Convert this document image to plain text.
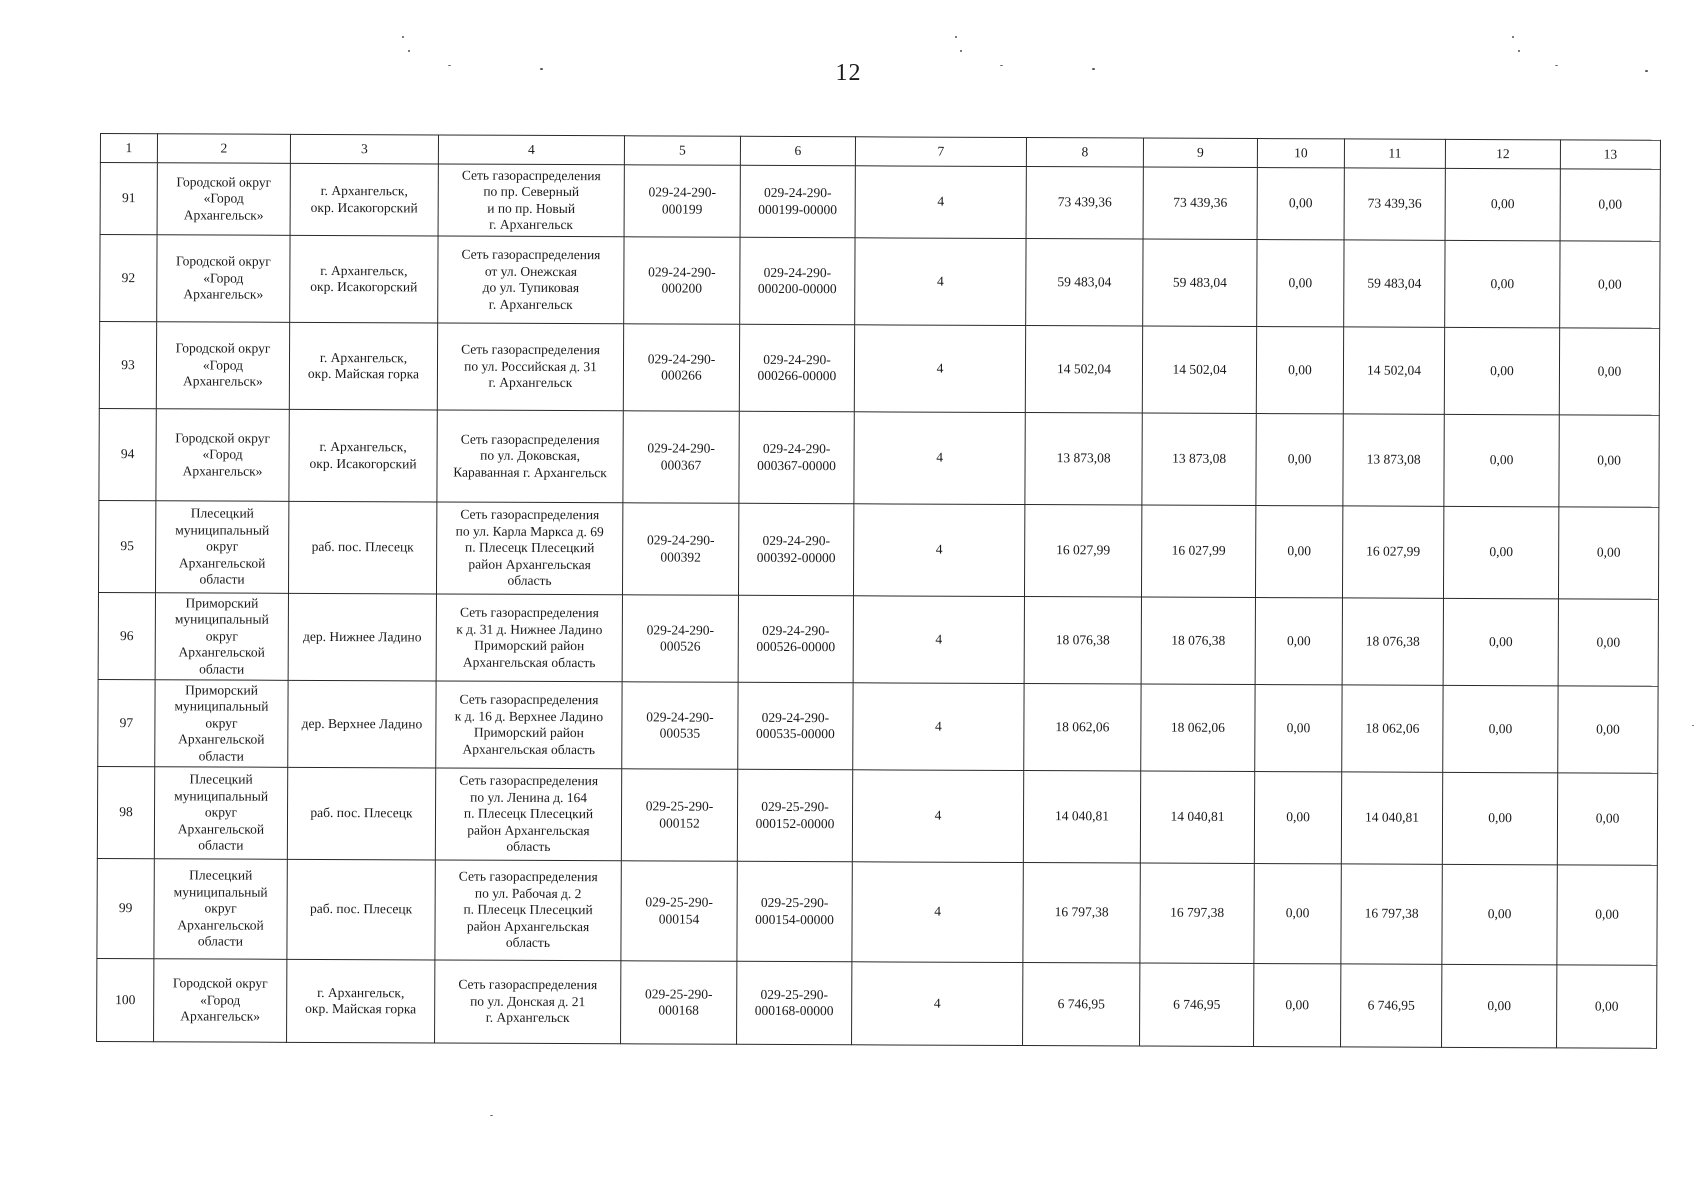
12
1	2	3	4	5	6	7	8	9	10	11	12	13
91	Городской округ
«Город
Архангельск»	г. Архангельск,
окр. Исакогорский	Сеть газораспределения
по пр. Северный
и по пр. Новый
г. Архангельск	029-24-290-
000199	029-24-290-
000199-00000	4	73 439,36	73 439,36	0,00	73 439,36	0,00	0,00
92	Городской округ
«Город
Архангельск»	г. Архангельск,
окр. Исакогорский	Сеть газораспределения
от ул. Онежская
до ул. Тупиковая
г. Архангельск	029-24-290-
000200	029-24-290-
000200-00000	4	59 483,04	59 483,04	0,00	59 483,04	0,00	0,00
93	Городской округ
«Город
Архангельск»	г. Архангельск,
окр. Майская горка	Сеть газораспределения
по ул. Российская д. 31
г. Архангельск	029-24-290-
000266	029-24-290-
000266-00000	4	14 502,04	14 502,04	0,00	14 502,04	0,00	0,00
94	Городской округ
«Город
Архангельск»	г. Архангельск,
окр. Исакогорский	Сеть газораспределения
по ул. Доковская,
Караванная г. Архангельск	029-24-290-
000367	029-24-290-
000367-00000	4	13 873,08	13 873,08	0,00	13 873,08	0,00	0,00
95	Плесецкий
муниципальный
округ
Архангельской
области	раб. пос. Плесецк	Сеть газораспределения
по ул. Карла Маркса д. 69
п. Плесецк Плесецкий
район Архангельская
область	029-24-290-
000392	029-24-290-
000392-00000	4	16 027,99	16 027,99	0,00	16 027,99	0,00	0,00
96	Приморский
муниципальный
округ
Архангельской
области	дер. Нижнее Ладино	Сеть газораспределения
к д. 31 д. Нижнее Ладино
Приморский район
Архангельская область	029-24-290-
000526	029-24-290-
000526-00000	4	18 076,38	18 076,38	0,00	18 076,38	0,00	0,00
97	Приморский
муниципальный
округ
Архангельской
области	дер. Верхнее Ладино	Сеть газораспределения
к д. 16 д. Верхнее Ладино
Приморский район
Архангельская область	029-24-290-
000535	029-24-290-
000535-00000	4	18 062,06	18 062,06	0,00	18 062,06	0,00	0,00
98	Плесецкий
муниципальный
округ
Архангельской
области	раб. пос. Плесецк	Сеть газораспределения
по ул. Ленина д. 164
п. Плесецк Плесецкий
район Архангельская
область	029-25-290-
000152	029-25-290-
000152-00000	4	14 040,81	14 040,81	0,00	14 040,81	0,00	0,00
99	Плесецкий
муниципальный
округ
Архангельской
области	раб. пос. Плесецк	Сеть газораспределения
по ул. Рабочая д. 2
п. Плесецк Плесецкий
район Архангельская
область	029-25-290-
000154	029-25-290-
000154-00000	4	16 797,38	16 797,38	0,00	16 797,38	0,00	0,00
100	Городской округ
«Город
Архангельск»	г. Архангельск,
окр. Майская горка	Сеть газораспределения
по ул. Донская д. 21
г. Архангельск	029-25-290-
000168	029-25-290-
000168-00000	4	6 746,95	6 746,95	0,00	6 746,95	0,00	0,00
